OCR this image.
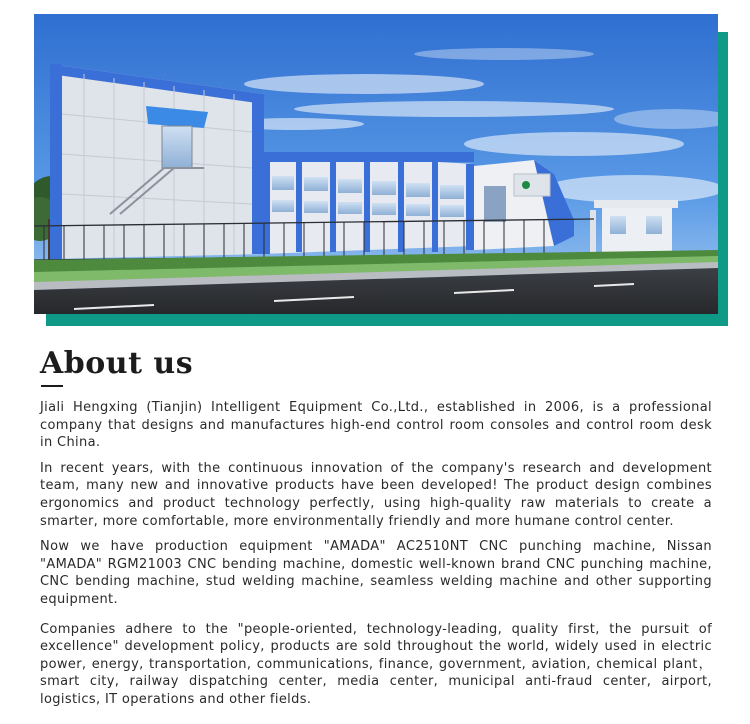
About us

Jiali Hengxing (Tianjin) Intelligent Equipment Co.,Ltd., established in 2006, is a professional company that designs and manufactures high-end control room consoles and control room desk in China.

In recent years, with the continuous innovation of the company's research and development team, many new and innovative products have been developed! The product design combines ergonomics and product technology perfectly, using high-quality raw materials to create a smarter, more comfortable, more environmentally friendly and more humane control center.

Now we have production equipment "AMADA" AC2510NT CNC punching machine, Nissan "AMADA" RGM21003 CNC bending machine, domestic well-known brand CNC punching machine, CNC bending machine, stud welding machine, seamless welding machine and other supporting equipment.

Companies adhere to the "people-oriented, technology-leading, quality first, the pursuit of excellence" development policy, products are sold throughout the world, widely used in electric power, energy, transportation, communications, finance, government, aviation, chemical plant，smart city, railway dispatching center, media center, municipal anti-fraud center, airport, logistics, IT operations and other fields.
